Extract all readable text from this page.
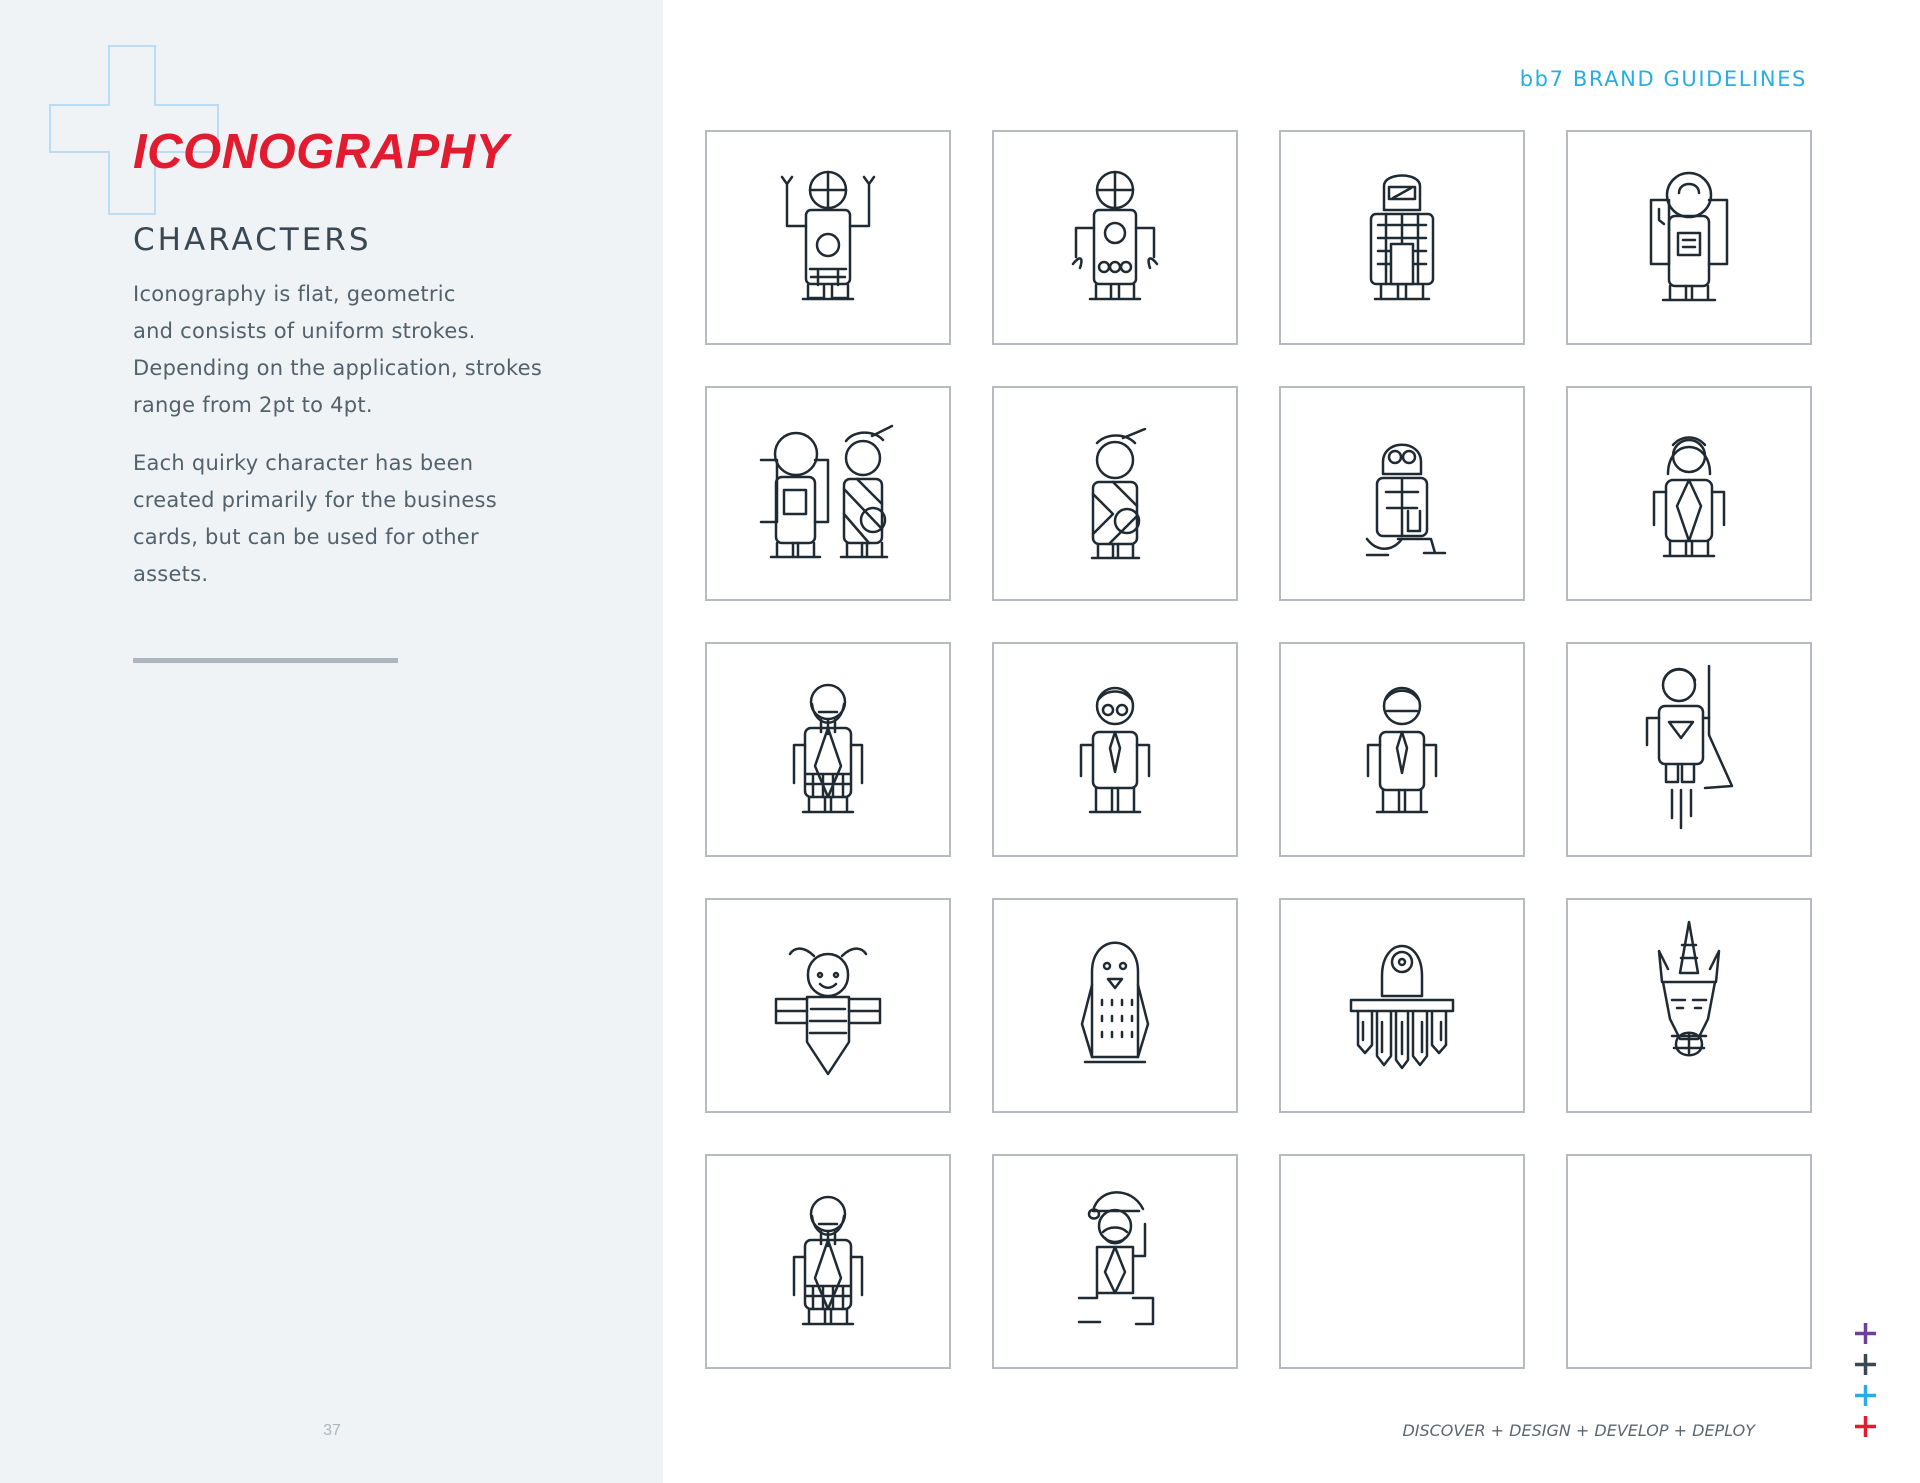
ICONOGRAPHY
CHARACTERS

Iconography is flat, geometric
and consists of uniform strokes.
Depending on the application, strokes
range from 2pt to 4pt.

Each quirky character has been
created primarily for the business
cards, but can be used for other
assets.

37

bb7 BRAND GUIDELINES

DISCOVER + DESIGN + DEVELOP + DEPLOY
